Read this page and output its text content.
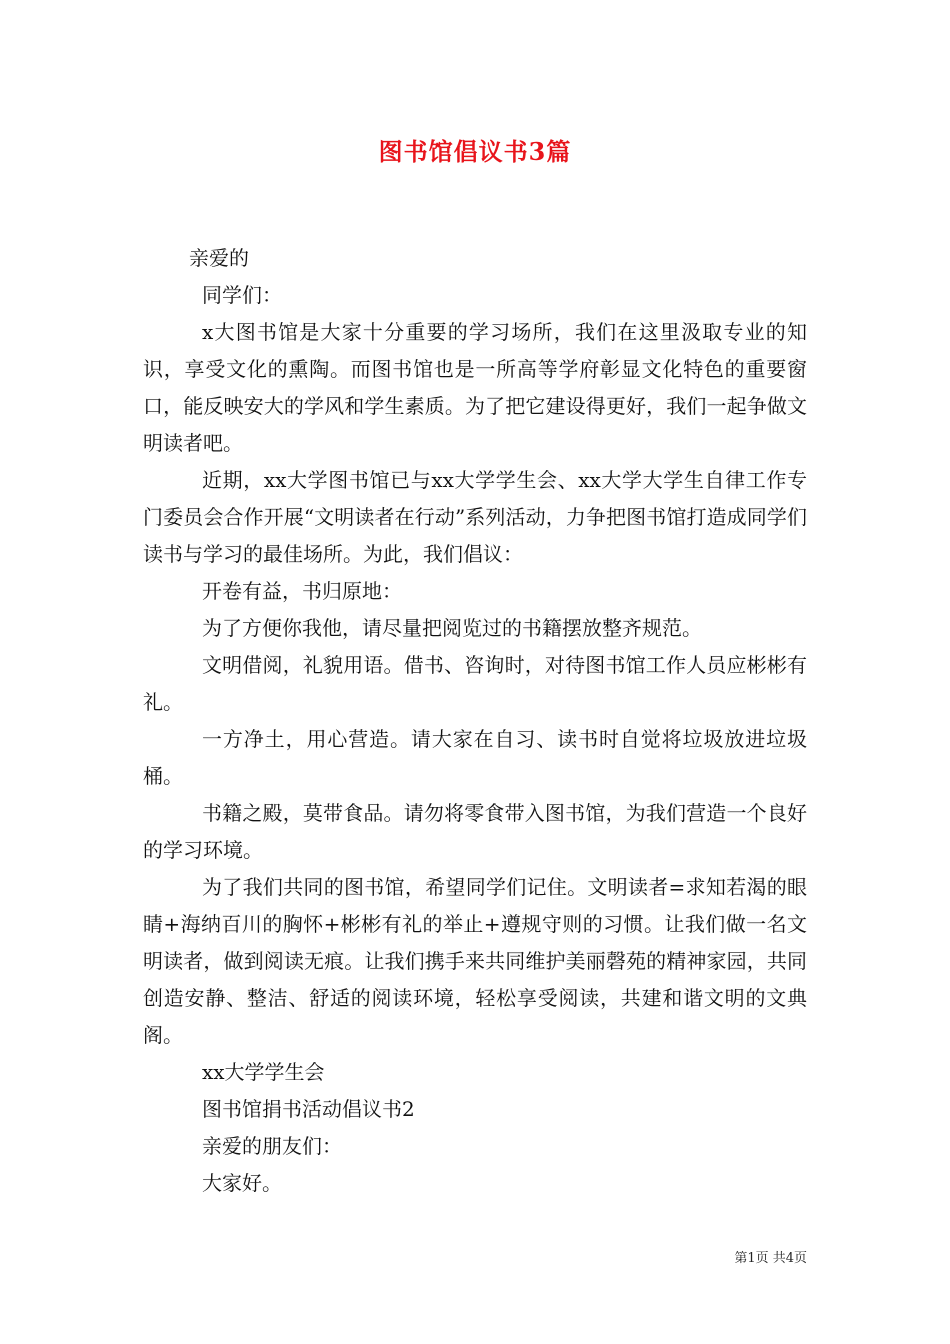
图书馆倡议书3篇

亲爱的

同学们：

x大图书馆是大家十分重要的学习场所，我们在这里汲取专业的知识，享受文化的熏陶。而图书馆也是一所高等学府彰显文化特色的重要窗口，能反映安大的学风和学生素质。为了把它建设得更好，我们一起争做文明读者吧。

近期，xx大学图书馆已与xx大学学生会、xx大学大学生自律工作专门委员会合作开展“文明读者在行动”系列活动，力争把图书馆打造成同学们读书与学习的最佳场所。为此，我们倡议：

开卷有益，书归原地：

为了方便你我他，请尽量把阅览过的书籍摆放整齐规范。

文明借阅，礼貌用语。借书、咨询时，对待图书馆工作人员应彬彬有礼。

一方净土，用心营造。请大家在自习、读书时自觉将垃圾放进垃圾桶。

书籍之殿，莫带食品。请勿将零食带入图书馆，为我们营造一个良好的学习环境。

为了我们共同的图书馆，希望同学们记住。文明读者=求知若渴的眼睛+海纳百川的胸怀+彬彬有礼的举止+遵规守则的习惯。让我们做一名文明读者，做到阅读无痕。让我们携手来共同维护美丽磬苑的精神家园，共同创造安静、整洁、舒适的阅读环境，轻松享受阅读，共建和谐文明的文典阁。

xx大学学生会

图书馆捐书活动倡议书2

亲爱的朋友们：

大家好。

第1页 共4页
